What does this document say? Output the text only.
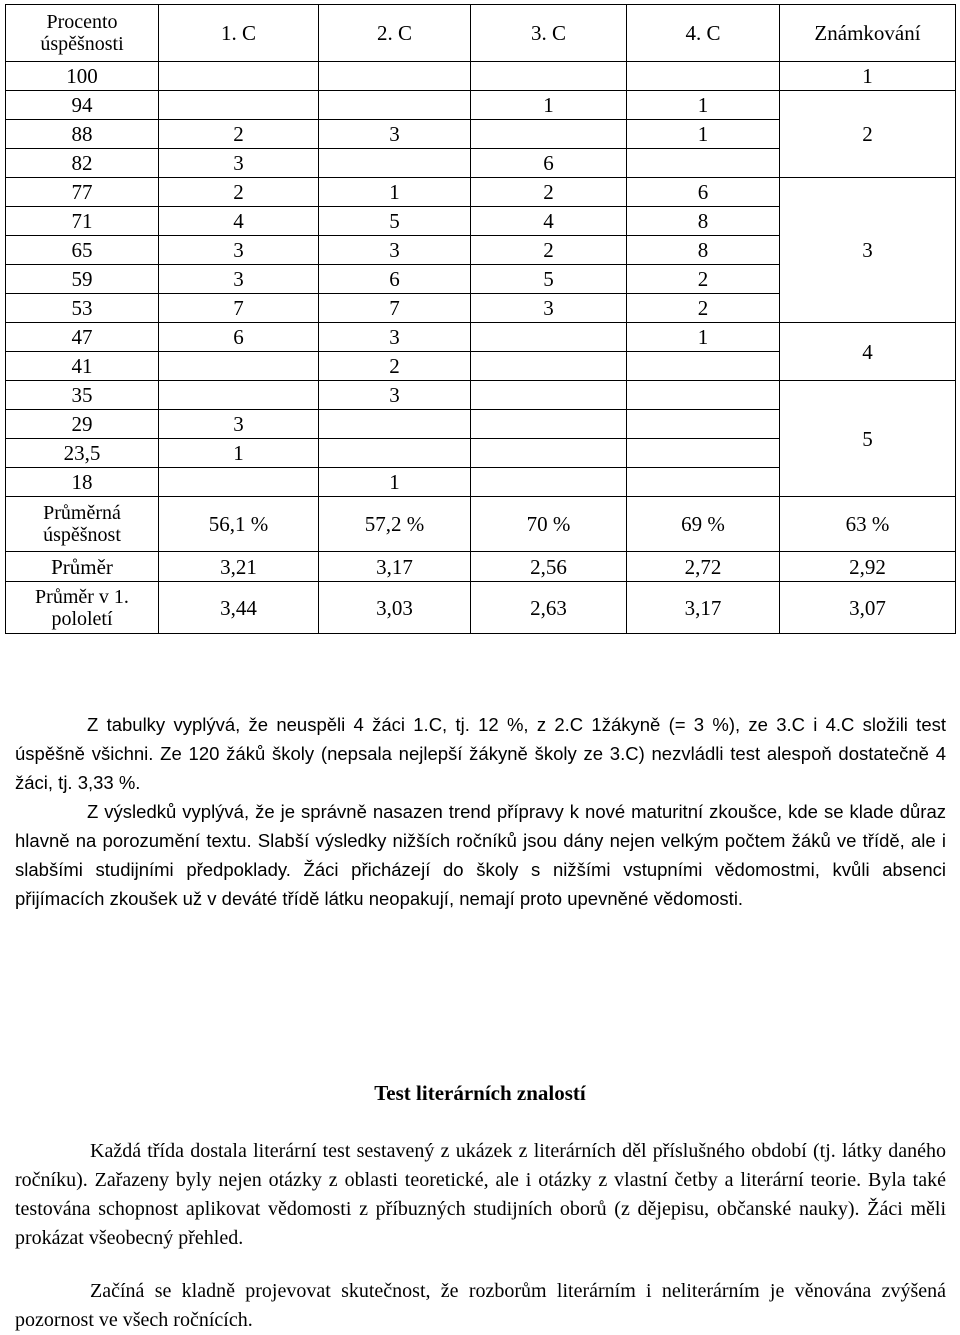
Procento úspěšnosti	1. C	2. C	3. C	4. C	Známkování
100					1
94			1	1	2
88	2	3		1	
82	3		6		
77	2	1	2	6	3
71	4	5	4	8	
65	3	3	2	8	
59	3	6	5	2	
53	7	7	3	2	
47	6	3		1	4
41		2			
35		3			5
29	3				
23,5	1				
18		1			
Průměrná úspěšnost	56,1 %	57,2 %	70 %	69 %	63 %
Průměr	3,21	3,17	2,56	2,72	2,92
Průměr v 1. pololetí	3,44	3,03	2,63	3,17	3,07

Z tabulky vyplývá, že neuspěli 4 žáci 1.C, tj. 12 %, z 2.C 1žákyně (= 3 %), ze 3.C i 4.C složili test úspěšně všichni. Ze 120 žáků školy (nepsala nejlepší žákyně školy ze 3.C) nezvládli test alespoň dostatečně 4 žáci, tj. 3,33 %.

Z výsledků vyplývá, že je správně nasazen trend přípravy k nové maturitní zkoušce, kde se klade důraz hlavně na porozumění textu. Slabší výsledky nižších ročníků jsou dány nejen velkým počtem žáků ve třídě, ale i slabšími studijními předpoklady. Žáci přicházejí do školy s nižšími vstupními vědomostmi, kvůli absenci přijímacích zkoušek už v deváté třídě látku neopakují, nemají proto upevněné vědomosti.

Test literárních znalostí

Každá třída dostala literární test sestavený z ukázek z literárních děl příslušného období (tj. látky daného ročníku). Zařazeny byly nejen otázky z oblasti teoretické, ale i otázky z vlastní četby a literární teorie. Byla také testována schopnost aplikovat vědomosti z příbuzných studijních oborů (z dějepisu, občanské nauky). Žáci měli prokázat všeobecný přehled.

Začíná se kladně projevovat skutečnost, že rozborům literárním i neliterárním je věnována zvýšená pozornost ve všech ročnících.
